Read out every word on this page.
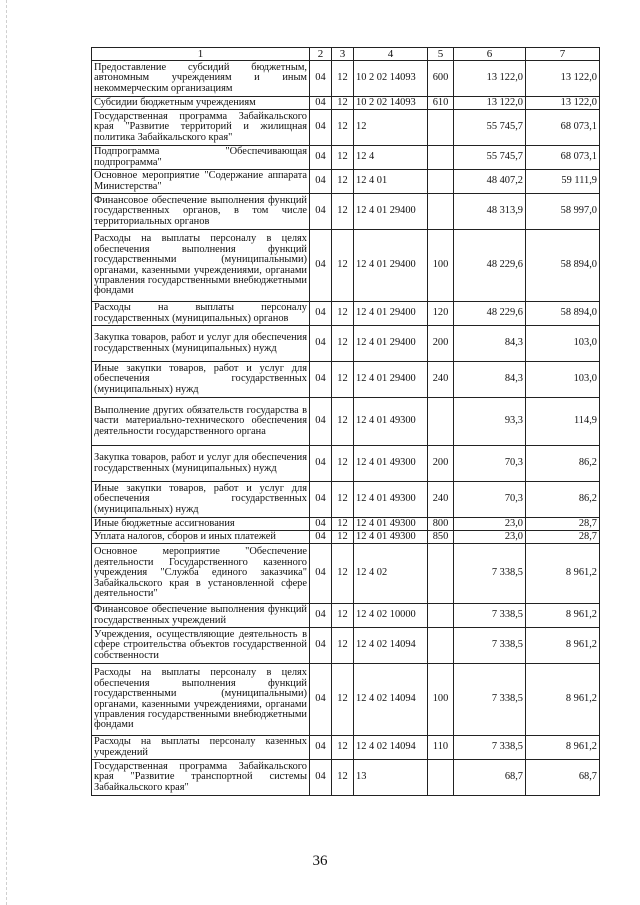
1	2	3	4	5	6	7
Предоставление субсидий бюджетным, автономным учреждениям и иным некоммерческим организациям	04	12	10 2 02 14093	600	13 122,0	13 122,0
Субсидии бюджетным учреждениям	04	12	10 2 02 14093	610	13 122,0	13 122,0
Государственная программа Забайкальского края "Развитие территорий и жилищная политика Забайкальского края"	04	12	12		55 745,7	68 073,1
Подпрограмма "Обеспечивающая подпрограмма"	04	12	12 4		55 745,7	68 073,1
Основное мероприятие "Содержание аппарата Министерства"	04	12	12 4 01		48 407,2	59 111,9
Финансовое обеспечение выполнения функций государственных органов, в том числе территориальных органов	04	12	12 4 01 29400		48 313,9	58 997,0
Расходы на выплаты персоналу в целях обеспечения выполнения функций государственными (муниципальными) органами, казенными учреждениями, органами управления государственными внебюджетными фондами	04	12	12 4 01 29400	100	48 229,6	58 894,0
Расходы на выплаты персоналу государственных (муниципальных) органов	04	12	12 4 01 29400	120	48 229,6	58 894,0
Закупка товаров, работ и услуг для обеспечения государственных (муниципальных) нужд	04	12	12 4 01 29400	200	84,3	103,0
Иные закупки товаров, работ и услуг для обеспечения государственных (муниципальных) нужд	04	12	12 4 01 29400	240	84,3	103,0
Выполнение других обязательств государства в части материально-технического обеспечения деятельности государственного органа	04	12	12 4 01 49300		93,3	114,9
Закупка товаров, работ и услуг для обеспечения государственных (муниципальных) нужд	04	12	12 4 01 49300	200	70,3	86,2
Иные закупки товаров, работ и услуг для обеспечения государственных (муниципальных) нужд	04	12	12 4 01 49300	240	70,3	86,2
Иные бюджетные ассигнования	04	12	12 4 01 49300	800	23,0	28,7
Уплата налогов, сборов и иных платежей	04	12	12 4 01 49300	850	23,0	28,7
Основное мероприятие "Обеспечение деятельности Государственного казенного учреждения "Служба единого заказчика" Забайкальского края в установленной сфере деятельности"	04	12	12 4 02		7 338,5	8 961,2
Финансовое обеспечение выполнения функций государственных учреждений	04	12	12 4 02 10000		7 338,5	8 961,2
Учреждения, осуществляющие деятельность в сфере строительства объектов государственной собственности	04	12	12 4 02 14094		7 338,5	8 961,2
Расходы на выплаты персоналу в целях обеспечения выполнения функций государственными (муниципальными) органами, казенными учреждениями, органами управления государственными внебюджетными фондами	04	12	12 4 02 14094	100	7 338,5	8 961,2
Расходы на выплаты персоналу казенных учреждений	04	12	12 4 02 14094	110	7 338,5	8 961,2
Государственная программа Забайкальского края "Развитие транспортной системы Забайкальского края"	04	12	13		68,7	68,7
36
